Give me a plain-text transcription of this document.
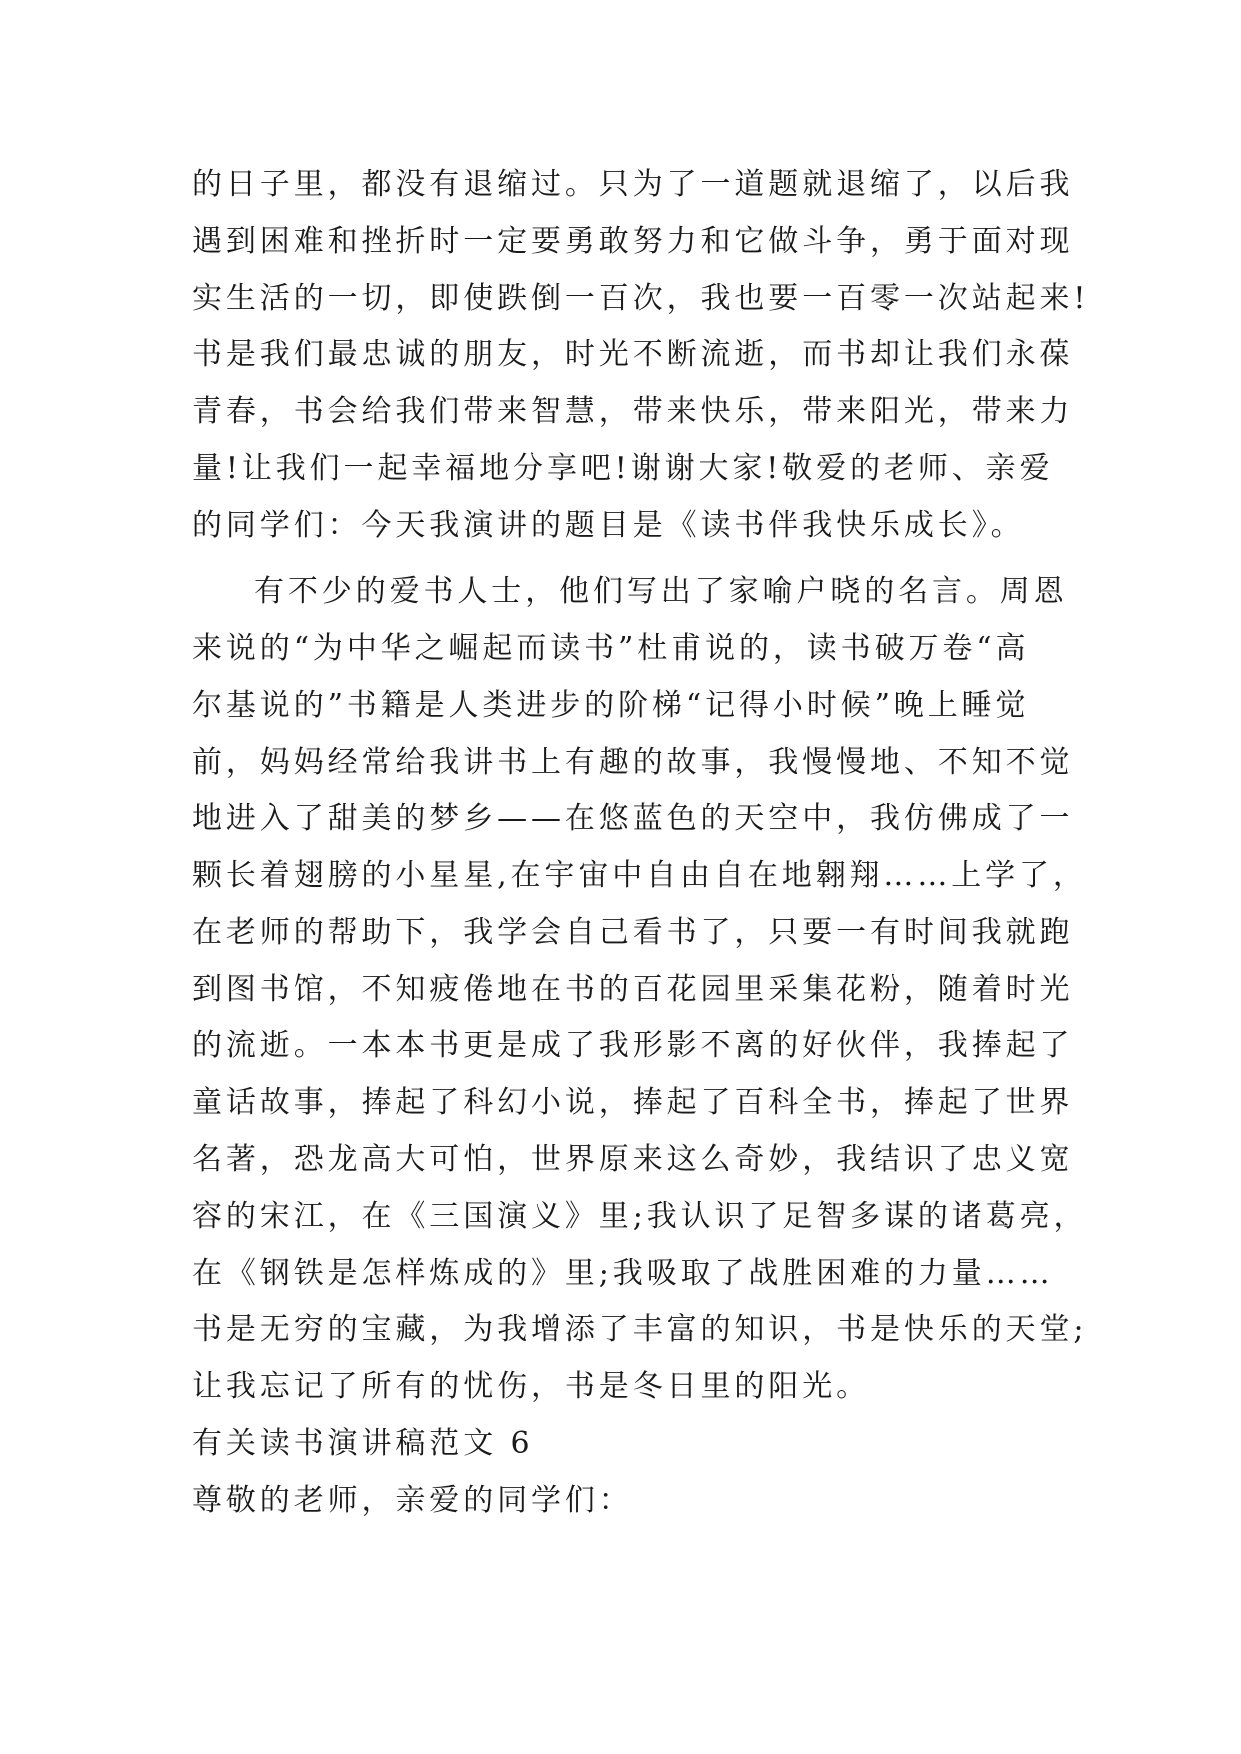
的日子里，都没有退缩过。只为了一道题就退缩了，以后我
遇到困难和挫折时一定要勇敢努力和它做斗争，勇于面对现
实生活的一切，即使跌倒一百次，我也要一百零一次站起来!
书是我们最忠诚的朋友，时光不断流逝，而书却让我们永葆
青春，书会给我们带来智慧，带来快乐，带来阳光，带来力
量!让我们一起幸福地分享吧!谢谢大家!敬爱的老师、亲爱
的同学们：今天我演讲的题目是《读书伴我快乐成长》。
有不少的爱书人士，他们写出了家喻户晓的名言。周恩
来说的“为中华之崛起而读书”杜甫说的，读书破万卷“高
尔基说的”书籍是人类进步的阶梯“记得小时候”晚上睡觉
前，妈妈经常给我讲书上有趣的故事，我慢慢地、不知不觉
地进入了甜美的梦乡——在悠蓝色的天空中，我仿佛成了一
颗长着翅膀的小星星,在宇宙中自由自在地翱翔……上学了，
在老师的帮助下，我学会自己看书了，只要一有时间我就跑
到图书馆，不知疲倦地在书的百花园里采集花粉，随着时光
的流逝。一本本书更是成了我形影不离的好伙伴，我捧起了
童话故事，捧起了科幻小说，捧起了百科全书，捧起了世界
名著，恐龙高大可怕，世界原来这么奇妙，我结识了忠义宽
容的宋江，在《三国演义》里;我认识了足智多谋的诸葛亮，
在《钢铁是怎样炼成的》里;我吸取了战胜困难的力量……
书是无穷的宝藏，为我增添了丰富的知识，书是快乐的天堂;
让我忘记了所有的忧伤，书是冬日里的阳光。
有关读书演讲稿范文 6
尊敬的老师，亲爱的同学们：
